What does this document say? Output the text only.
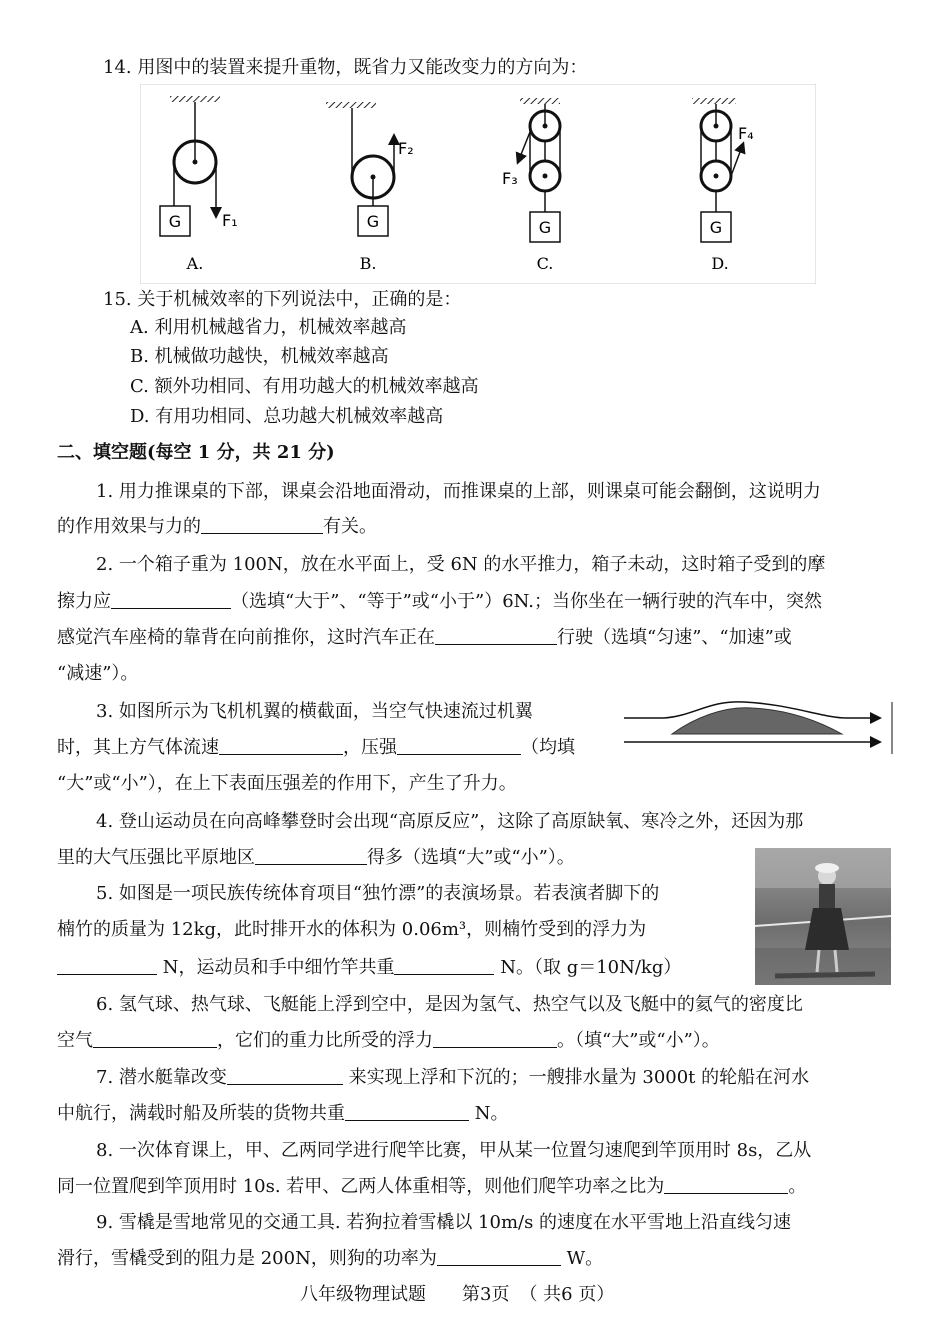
14. 用图中的装置来提升重物，既省力又能改变力的方向为：
G	F₁
A.
G
F₂
B.
G
F₃
C.
G
F₄
D.
15. 关于机械效率的下列说法中，正确的是：
A. 利用机械越省力，机械效率越高
B. 机械做功越快，机械效率越高
C. 额外功相同、有用功越大的机械效率越高
D. 有用功相同、总功越大机械效率越高
二、填空题(每空 1 分，共 21 分)
1. 用力推课桌的下部，课桌会沿地面滑动，而推课桌的上部，则课桌可能会翻倒，这说明力
的作用效果与力的	有关。
2. 一个箱子重为 100N，放在水平面上，受 6N 的水平推力，箱子未动，这时箱子受到的摩
擦力应	（选填“大于”、“等于”或“小于”）6N.；当你坐在一辆行驶的汽车中，突然
感觉汽车座椅的靠背在向前推你，这时汽车正在	行驶（选填“匀速”、“加速”或
“减速”）。
3. 如图所示为飞机机翼的横截面，当空气快速流过机翼
时，其上方气体流速	，压强	（均填
“大”或“小”），在上下表面压强差的作用下，产生了升力。
4. 登山运动员在向高峰攀登时会出现“高原反应”，这除了高原缺氧、寒冷之外，还因为那
里的大气压强比平原地区	得多（选填“大”或“小”）。
5. 如图是一项民族传统体育项目“独竹漂”的表演场景。若表演者脚下的
楠竹的质量为 12kg，此时排开水的体积为 0.06m³，则楠竹受到的浮力为
N，运动员和手中细竹竿共重	N。（取 g＝10N/kg）
6. 氢气球、热气球、飞艇能上浮到空中，是因为氢气、热空气以及飞艇中的氦气的密度比
空气	，它们的重力比所受的浮力	。（填“大”或“小”）。
7. 潜水艇靠改变	来实现上浮和下沉的；一艘排水量为 3000t 的轮船在河水
中航行，满载时船及所装的货物共重	N。
8. 一次体育课上，甲、乙两同学进行爬竿比赛，甲从某一位置匀速爬到竿顶用时 8s，乙从
同一位置爬到竿顶用时 10s. 若甲、乙两人体重相等，则他们爬竿功率之比为	。
9. 雪橇是雪地常见的交通工具. 若狗拉着雪橇以 10m/s 的速度在水平雪地上沿直线匀速
滑行，雪橇受到的阻力是 200N，则狗的功率为	W。
八年级物理试题 第3页 （ 共6 页）
